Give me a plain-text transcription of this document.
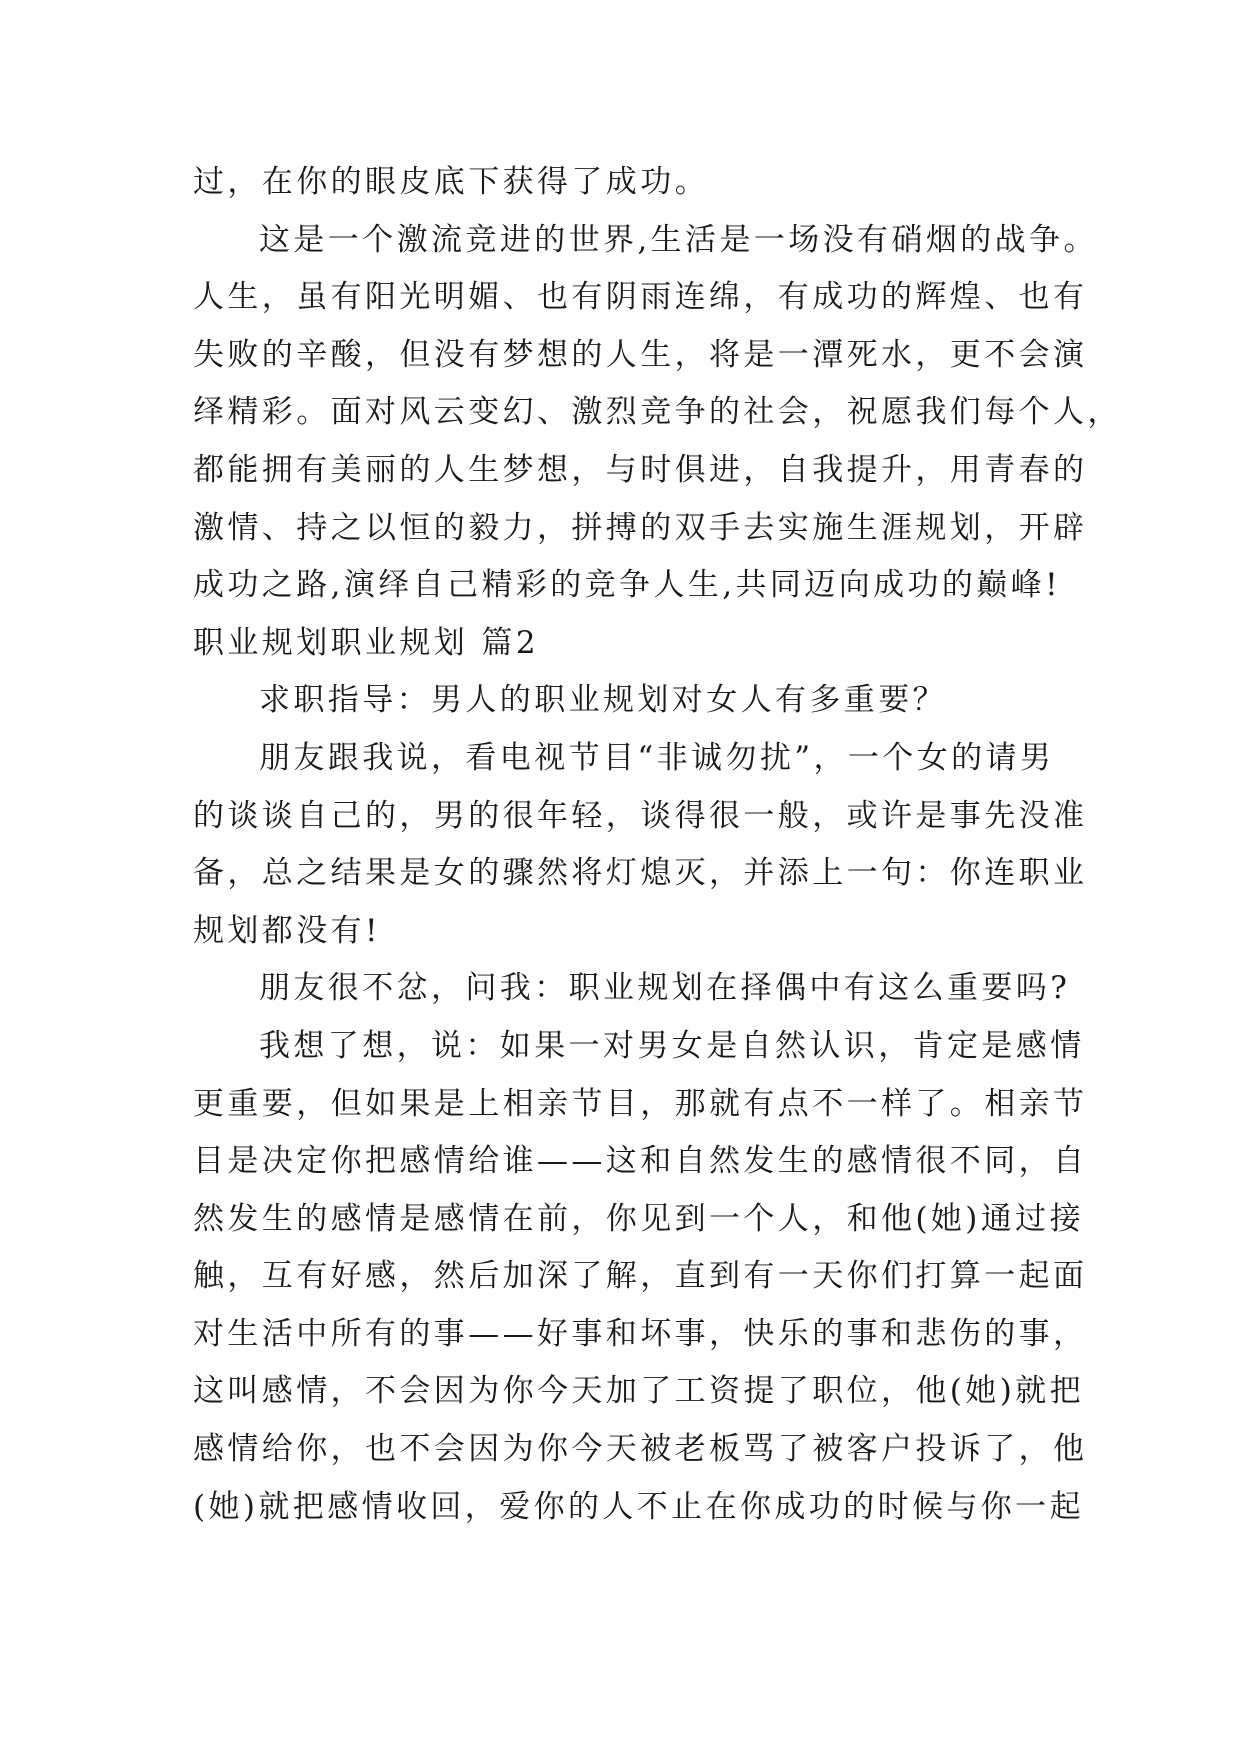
过，在你的眼皮底下获得了成功。
这是一个激流竞进的世界,生活是一场没有硝烟的战争。
人生，虽有阳光明媚、也有阴雨连绵，有成功的辉煌、也有
失败的辛酸，但没有梦想的人生，将是一潭死水，更不会演
绎精彩。面对风云变幻、激烈竞争的社会，祝愿我们每个人，
都能拥有美丽的人生梦想，与时俱进，自我提升，用青春的
激情、持之以恒的毅力，拼搏的双手去实施生涯规划，开辟
成功之路,演绎自己精彩的竞争人生,共同迈向成功的巅峰!
职业规划职业规划 篇2
求职指导：男人的职业规划对女人有多重要？
朋友跟我说，看电视节目“非诚勿扰”，一个女的请男
的谈谈自己的，男的很年轻，谈得很一般，或许是事先没准
备，总之结果是女的骤然将灯熄灭，并添上一句：你连职业
规划都没有!
朋友很不忿，问我：职业规划在择偶中有这么重要吗?
我想了想，说：如果一对男女是自然认识，肯定是感情
更重要，但如果是上相亲节目，那就有点不一样了。相亲节
目是决定你把感情给谁——这和自然发生的感情很不同，自
然发生的感情是感情在前，你见到一个人，和他(她)通过接
触，互有好感，然后加深了解，直到有一天你们打算一起面
对生活中所有的事——好事和坏事，快乐的事和悲伤的事，
这叫感情，不会因为你今天加了工资提了职位，他(她)就把
感情给你，也不会因为你今天被老板骂了被客户投诉了，他
(她)就把感情收回，爱你的人不止在你成功的时候与你一起
